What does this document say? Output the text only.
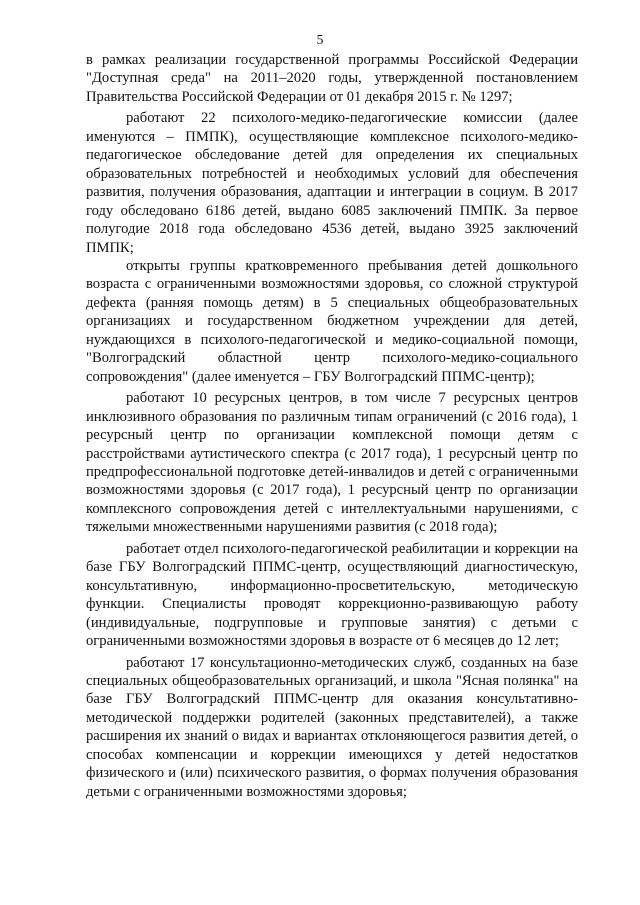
5

в рамках реализации государственной программы Российской Федерации "Доступная среда" на 2011–2020 годы, утвержденной постановлением Правительства Российской Федерации от 01 декабря 2015 г. № 1297;

работают 22 психолого-медико-педагогические комиссии (далее именуются – ПМПК), осуществляющие комплексное психолого-медико-педагогическое обследование детей для определения их специальных образовательных потребностей и необходимых условий для обеспечения развития, получения образования, адаптации и интеграции в социум. В 2017 году обследовано 6186 детей, выдано 6085 заключений ПМПК. За первое полугодие 2018 года обследовано 4536 детей, выдано 3925 заключений ПМПК;

открыты группы кратковременного пребывания детей дошкольного возраста с ограниченными возможностями здоровья, со сложной структурой дефекта (ранняя помощь детям) в 5 специальных общеобразовательных организациях и государственном бюджетном учреждении для детей, нуждающихся в психолого-педагогической и медико-социальной помощи, "Волгоградский областной центр психолого-медико-социального сопровождения" (далее именуется – ГБУ Волгоградский ППМС-центр);

работают 10 ресурсных центров, в том числе 7 ресурсных центров инклюзивного образования по различным типам ограничений (с 2016 года), 1 ресурсный центр по организации комплексной помощи детям с расстройствами аутистического спектра (с 2017 года), 1 ресурсный центр по предпрофессиональной подготовке детей-инвалидов и детей с ограниченными возможностями здоровья (с 2017 года), 1 ресурсный центр по организации комплексного сопровождения детей с интеллектуальными нарушениями, с тяжелыми множественными нарушениями развития (с 2018 года);

работает отдел психолого-педагогической реабилитации и коррекции на базе ГБУ Волгоградский ППМС-центр, осуществляющий диагностическую, консультативную, информационно-просветительскую, методическую функции. Специалисты проводят коррекционно-развивающую работу (индивидуальные, подгрупповые и групповые занятия) с детьми с ограниченными возможностями здоровья в возрасте от 6 месяцев до 12 лет;

работают 17 консультационно-методических служб, созданных на базе специальных общеобразовательных организаций, и школа "Ясная полянка" на базе ГБУ Волгоградский ППМС-центр для оказания консультативно-методической поддержки родителей (законных представителей), а также расширения их знаний о видах и вариантах отклоняющегося развития детей, о способах компенсации и коррекции имеющихся у детей недостатков физического и (или) психического развития, о формах получения образования детьми с ограниченными возможностями здоровья;
